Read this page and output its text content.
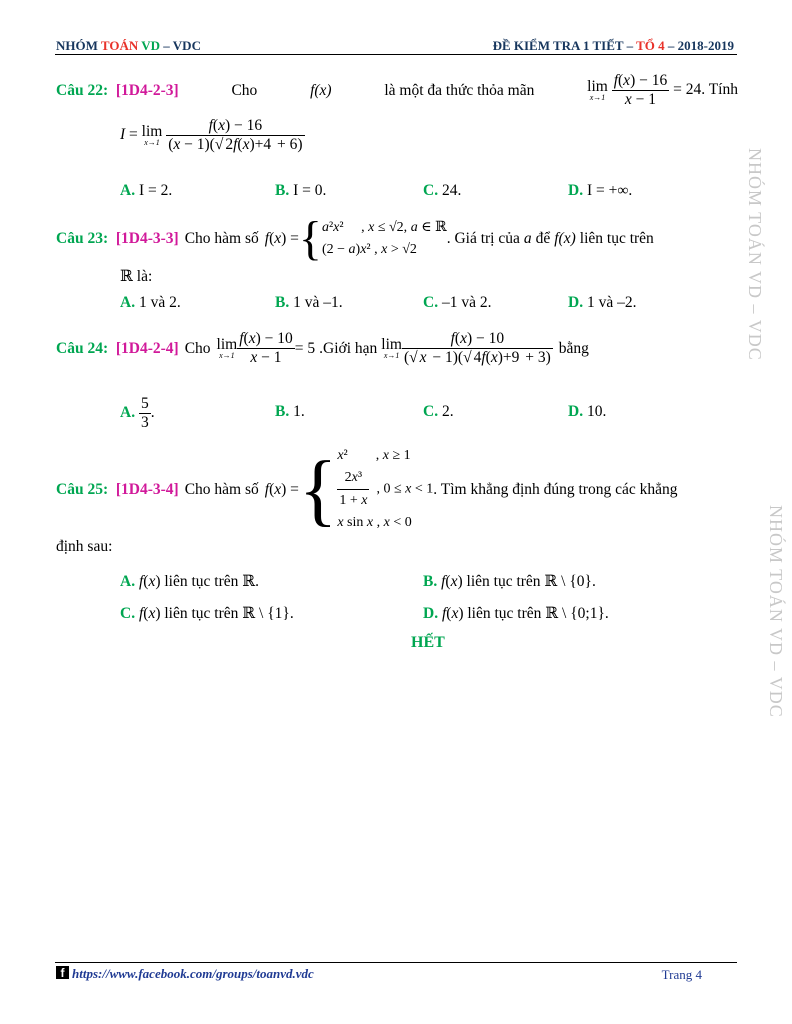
NHÓM TOÁN VD – VDC	ĐỀ KIỂM TRA 1 TIẾT – TỔ 4 – 2018-2019
NHÓM TOÁN VD – VDC
NHÓM TOÁN VD – VDC
Câu 22: [1D4-2-3]	Cho	f(x)	là một đa thức thỏa mãn	lim
x→1
$\frac{f(x) - 16}{x - 1} = 24$. Tính
I = lim
x→1
$\frac{f(x) - 16}{(x - 1)(√ 2f(x)+4 + 6)}$
A. I = 2.	B. I = 0.	C. 24.	D. I = +∞.
Câu 23: [1D4-3-3] Cho hàm số f(x) = { a²x²     , x ≤ √2, a ∈ ℝ
(2 − a)x² , x > √2
. Giá trị của a để f(x) liên tục trên
ℝ là:
A. 1 và 2.	B. 1 và –1.	C. –1 và 2.	D. 1 và –2.
Câu 24: [1D4-2-4] Cho lim
$x\to 1 \frac{f(x) - 10}{x - 1} = 5$ .Giới hạn lim
$x\to 1 \frac{f(x) - 10}{(√ x - 1)(√ 4f(x)+9 + 3)}$ bằng
A. $\frac{5}{3}$ .	B. 1.	C. 2.	D. 10.
Câu 25: [1D4-3-4] Cho hàm số f(x) = { x²        , x ≥ 1
$\frac{\text{2x³}}{1 + x}$ , 0 ≤ x < 1
x sin x , x < 0
. Tìm khẳng định đúng trong các khẳng
định sau:
A. f(x) liên tục trên ℝ.	B. f(x) liên tục trên ℝ \ {0}.
C. f(x) liên tục trên ℝ \ {1}.	D. f(x) liên tục trên ℝ \ {0;1}.
HẾT
f https://www.facebook.com/groups/toanvd.vdc	Trang 4
